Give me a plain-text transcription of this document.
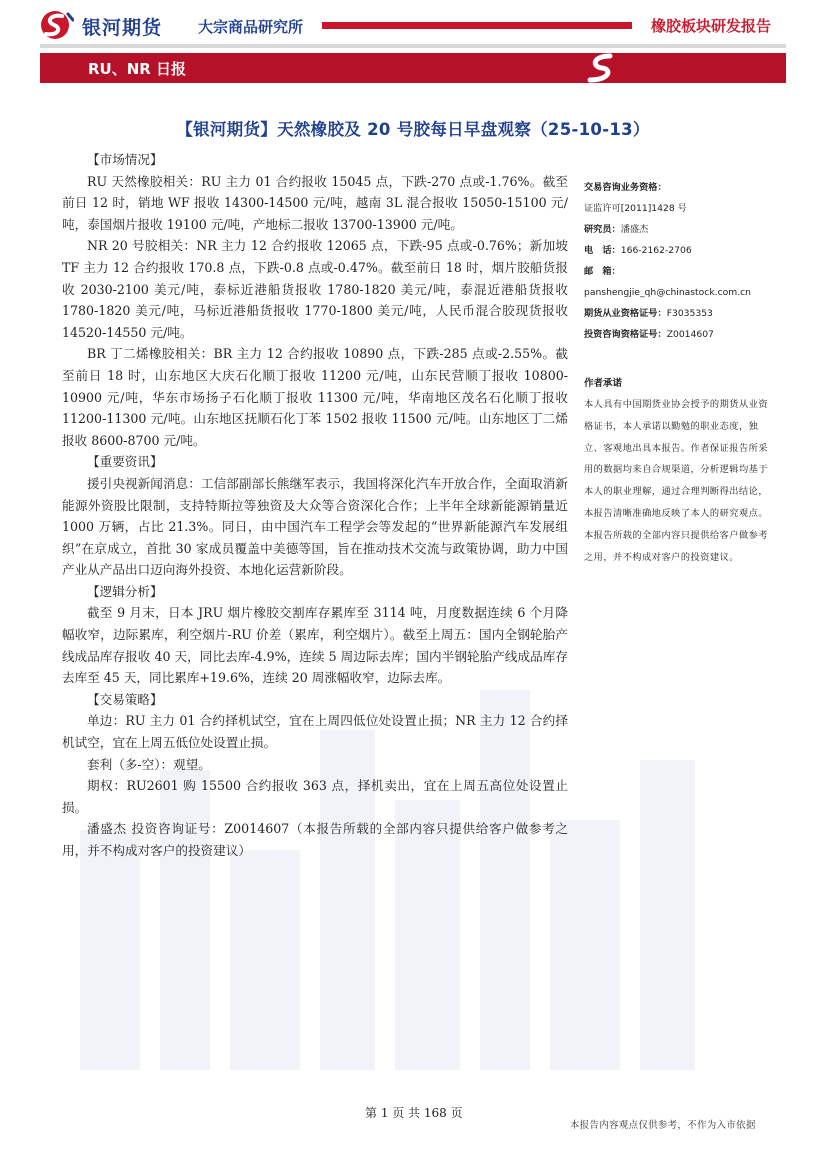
银河期货 大宗商品研究所	橡胶板块研发报告
RU、NR 日报
【银河期货】天然橡胶及 20 号胶每日早盘观察（25-10-13）

【市场情况】

RU 天然橡胶相关：RU 主力 01 合约报收 15045 点，下跌-270 点或-1.76%。截至前日 12 时，销地 WF 报收 14300-14500 元/吨，越南 3L 混合报收 15050-15100 元/吨，泰国烟片报收 19100 元/吨，产地标二报收 13700-13900 元/吨。

NR 20 号胶相关：NR 主力 12 合约报收 12065 点，下跌-95 点或-0.76%；新加坡 TF 主力 12 合约报收 170.8 点，下跌-0.8 点或-0.47%。截至前日 18 时，烟片胶船货报收 2030-2100 美元/吨，泰标近港船货报收 1780-1820 美元/吨，泰混近港船货报收 1780-1820 美元/吨，马标近港船货报收 1770-1800 美元/吨，人民币混合胶现货报收 14520-14550 元/吨。

BR 丁二烯橡胶相关：BR 主力 12 合约报收 10890 点，下跌-285 点或-2.55%。截至前日 18 时，山东地区大庆石化顺丁报收 11200 元/吨，山东民营顺丁报收 10800-10900 元/吨，华东市场扬子石化顺丁报收 11300 元/吨，华南地区茂名石化顺丁报收 11200-11300 元/吨。山东地区抚顺石化丁苯 1502 报收 11500 元/吨。山东地区丁二烯报收 8600-8700 元/吨。

【重要资讯】

援引央视新闻消息：工信部副部长熊继军表示，我国将深化汽车开放合作，全面取消新能源外资股比限制，支持特斯拉等独资及大众等合资深化合作；上半年全球新能源销量近 1000 万辆，占比 21.3%。同日，由中国汽车工程学会等发起的“世界新能源汽车发展组织”在京成立，首批 30 家成员覆盖中美德等国，旨在推动技术交流与政策协调，助力中国产业从产品出口迈向海外投资、本地化运营新阶段。

【逻辑分析】

截至 9 月末，日本 JRU 烟片橡胶交割库存累库至 3114 吨，月度数据连续 6 个月降幅收窄，边际累库，利空烟片-RU 价差（累库，利空烟片）。截至上周五：国内全钢轮胎产线成品库存报收 40 天，同比去库-4.9%，连续 5 周边际去库；国内半钢轮胎产线成品库存去库至 45 天，同比累库+19.6%，连续 20 周涨幅收窄，边际去库。

【交易策略】

单边：RU 主力 01 合约择机试空，宜在上周四低位处设置止损；NR 主力 12 合约择机试空，宜在上周五低位处设置止损。

套利（多-空）：观望。

期权：RU2601 购 15500 合约报收 363 点，择机卖出，宜在上周五高位处设置止损。

潘盛杰 投资咨询证号：Z0014607（本报告所载的全部内容只提供给客户做参考之用，并不构成对客户的投资建议）

交易咨询业务资格：
证监许可[2011]1428 号
研究员：潘盛杰
电　话：166-2162-2706
邮　箱：
panshengjie_qh@chinastock.com.cn
期货从业资格证号：F3035353
投资咨询资格证号：Z0014607
作者承诺
本人具有中国期货业协会授予的期货从业资格证书，本人承诺以勤勉的职业态度，独立、客观地出具本报告。作者保证报告所采用的数据均来自合规渠道，分析逻辑均基于本人的职业理解，通过合理判断得出结论，本报告清晰准确地反映了本人的研究观点。本报告所载的全部内容只提供给客户做参考之用，并不构成对客户的投资建议。
第 1 页 共 168 页
本报告内容观点仅供参考，不作为入市依据
